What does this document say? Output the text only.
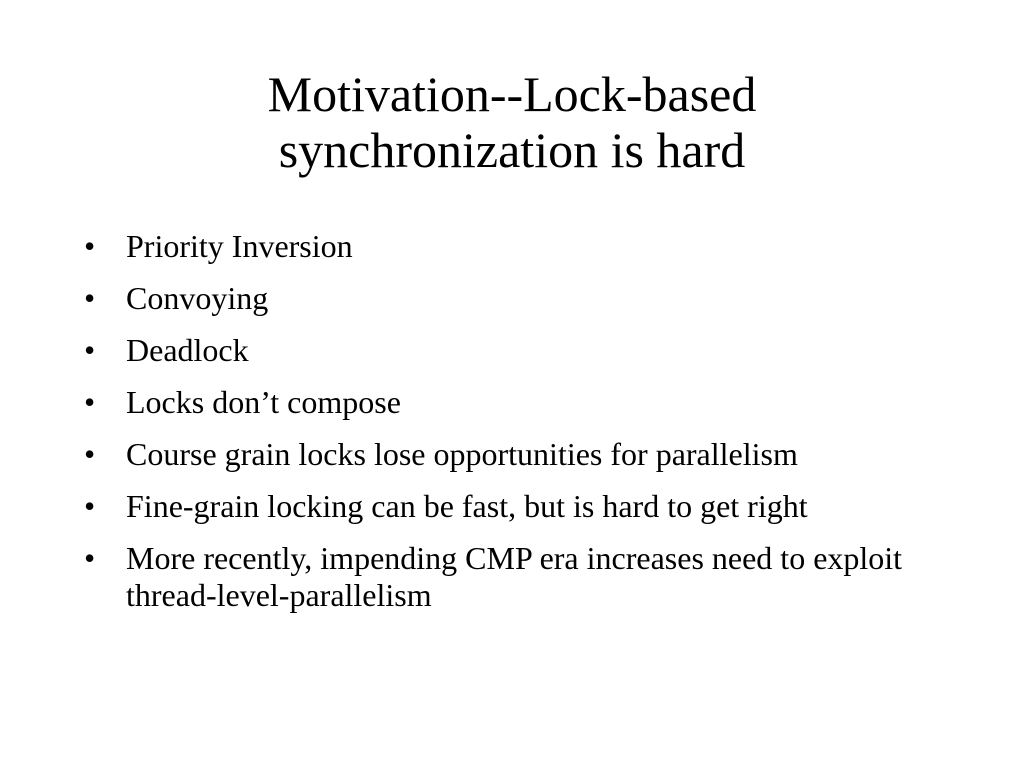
Motivation--Lock-based
synchronization is hard
• Priority Inversion
• Convoying
• Deadlock
• Locks don’t compose
• Course grain locks lose opportunities for parallelism
• Fine-grain locking can be fast, but is hard to get right
• More recently, impending CMP era increases need to exploit thread-level-parallelism
